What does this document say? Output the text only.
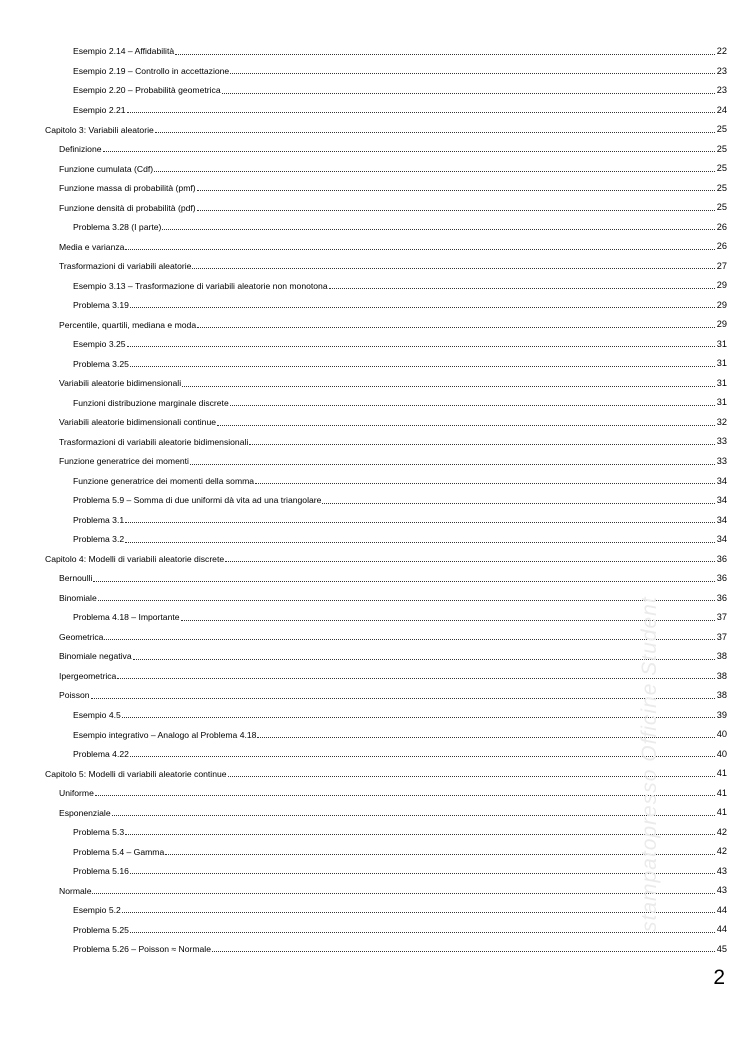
Esempio 2.14 – Affidabilità	22
Esempio 2.19 – Controllo in accettazione	23
Esempio 2.20 – Probabilità geometrica	23
Esempio 2.21	24
Capitolo 3: Variabili aleatorie	25
Definizione	25
Funzione cumulata (Cdf)	25
Funzione massa di probabilità (pmf)	25
Funzione densità di probabilità (pdf)	25
Problema 3.28 (I parte)	26
Media e varianza	26
Trasformazioni di variabili aleatorie	27
Esempio 3.13 – Trasformazione di variabili aleatorie non monotona	29
Problema 3.19	29
Percentile, quartili, mediana e moda	29
Esempio 3.25	31
Problema 3.25	31
Variabili aleatorie bidimensionali	31
Funzioni distribuzione marginale discrete	31
Variabili aleatorie bidimensionali continue	32
Trasformazioni di variabili aleatorie bidimensionali	33
Funzione generatrice dei momenti	33
Funzione generatrice dei momenti della somma	34
Problema 5.9 – Somma di due uniformi dà vita ad una triangolare	34
Problema 3.1	34
Problema 3.2	34
Capitolo 4: Modelli di variabili aleatorie discrete	36
Bernoulli	36
Binomiale	36
Problema 4.18 – Importante	37
Geometrica	37
Binomiale negativa	38
Ipergeometrica	38
Poisson	38
Esempio 4.5	39
Esempio integrativo – Analogo al Problema 4.18	40
Problema 4.22	40
Capitolo 5: Modelli di variabili aleatorie continue	41
Uniforme	41
Esponenziale	41
Problema 5.3	42
Problema 5.4 – Gamma	42
Problema 5.16	43
Normale	43
Esempio 5.2	44
Problema 5.25	44
Problema 5.26 – Poisson ≈ Normale	45
stampatopresso Officine Student
2
